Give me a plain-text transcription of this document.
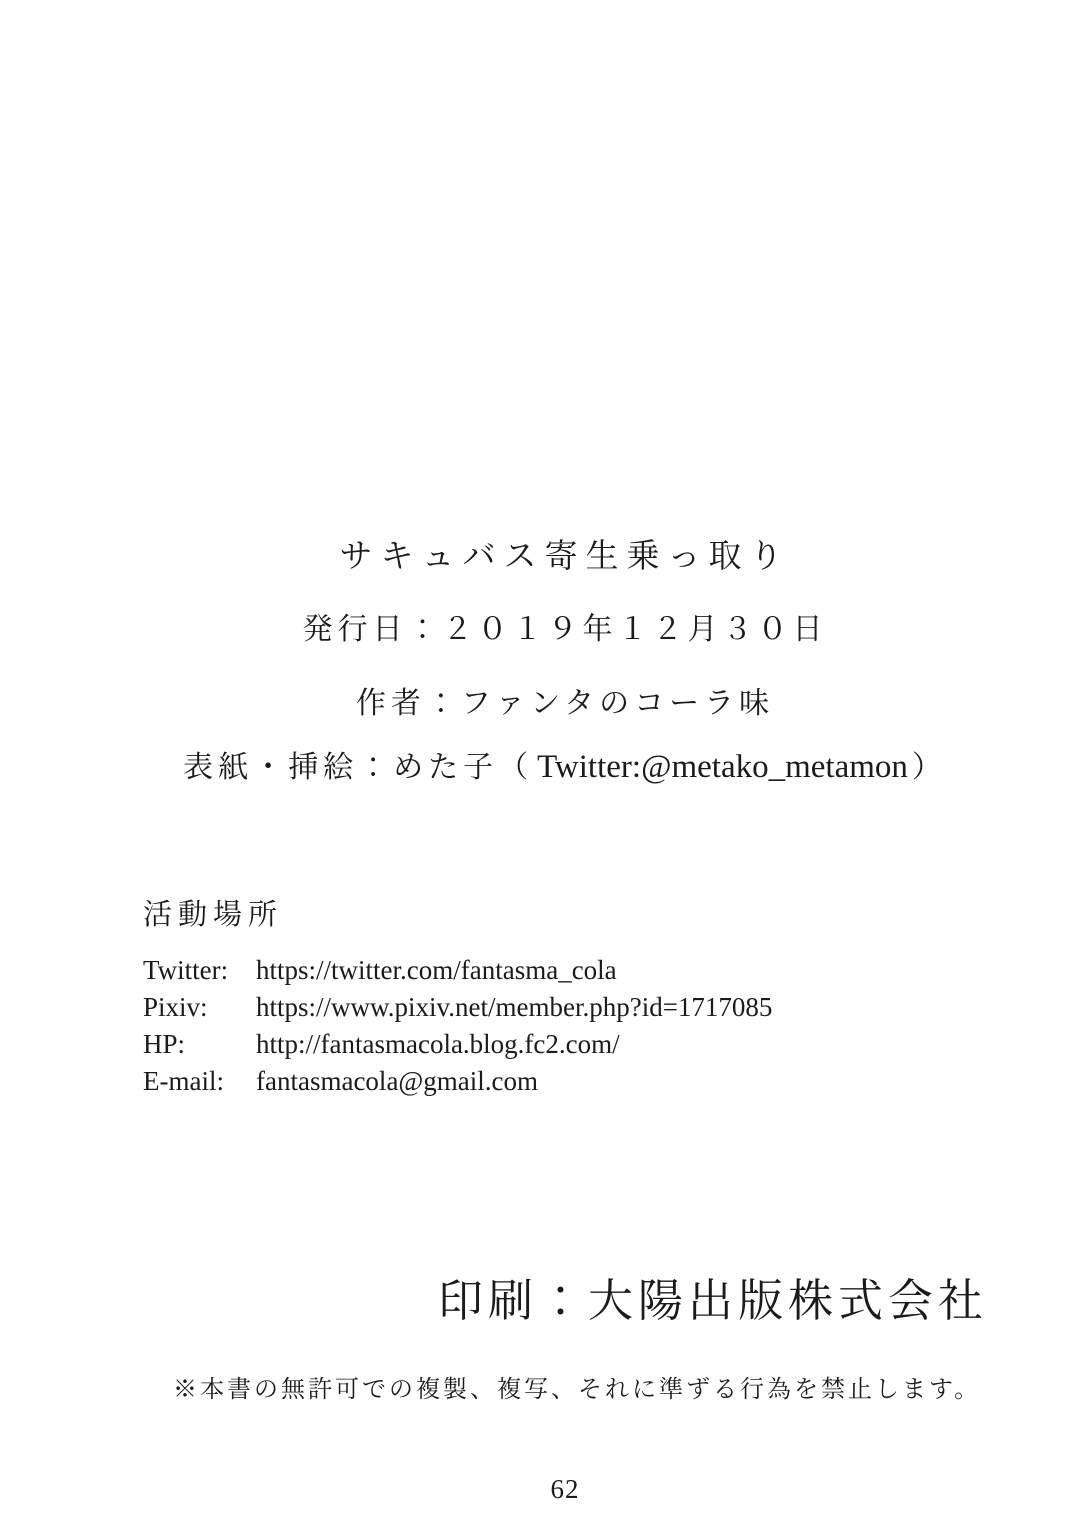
サキュバス寄生乗っ取り
発行日：２０１９年１２月３０日
作者：ファンタのコーラ味
表紙・挿絵：めた子（ Twitter:@metako_metamon ）
活動場所
Twitter:	https://twitter.com/fantasma_cola
Pixiv:	https://www.pixiv.net/member.php?id=1717085
HP:	http://fantasmacola.blog.fc2.com/
E-mail:	fantasmacola@gmail.com
印刷：大陽出版株式会社
※本書の無許可での複製、複写、それに準ずる行為を禁止します。
62
